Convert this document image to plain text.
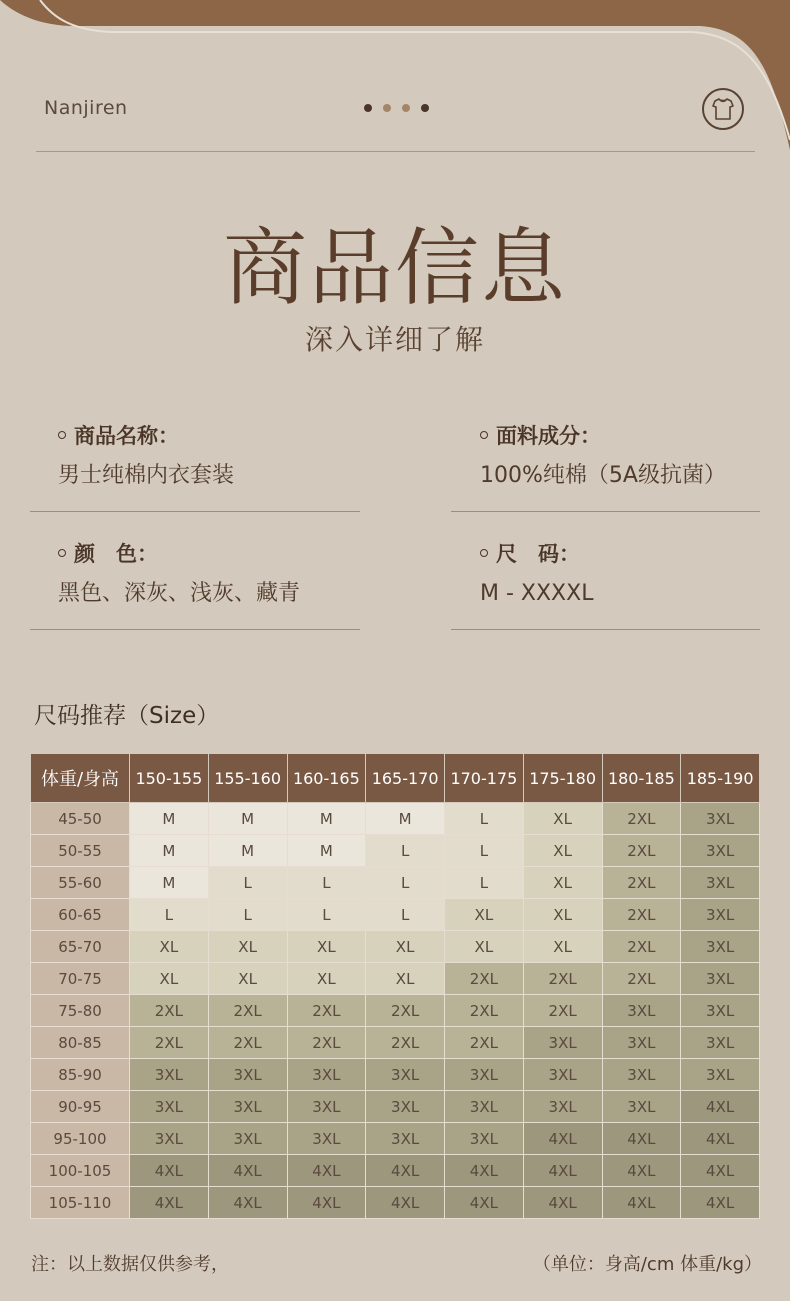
Nanjiren
商品信息
深入详细了解
商品名称：
男士纯棉内衣套装
面料成分：
100%纯棉（5A级抗菌）
颜　色：
黑色、深灰、浅灰、藏青
尺　码：
M - XXXXL
尺码推荐（Size）
体重/身高	150-155	155-160	160-165	165-170	170-175	175-180	180-185	185-190
45-50	M	M	M	M	L	XL	2XL	3XL
50-55	M	M	M	L	L	XL	2XL	3XL
55-60	M	L	L	L	L	XL	2XL	3XL
60-65	L	L	L	L	XL	XL	2XL	3XL
65-70	XL	XL	XL	XL	XL	XL	2XL	3XL
70-75	XL	XL	XL	XL	2XL	2XL	2XL	3XL
75-80	2XL	2XL	2XL	2XL	2XL	2XL	3XL	3XL
80-85	2XL	2XL	2XL	2XL	2XL	3XL	3XL	3XL
85-90	3XL	3XL	3XL	3XL	3XL	3XL	3XL	3XL
90-95	3XL	3XL	3XL	3XL	3XL	3XL	3XL	4XL
95-100	3XL	3XL	3XL	3XL	3XL	4XL	4XL	4XL
100-105	4XL	4XL	4XL	4XL	4XL	4XL	4XL	4XL
105-110	4XL	4XL	4XL	4XL	4XL	4XL	4XL	4XL
注：以上数据仅供参考，	（单位：身高/cm 体重/kg）
